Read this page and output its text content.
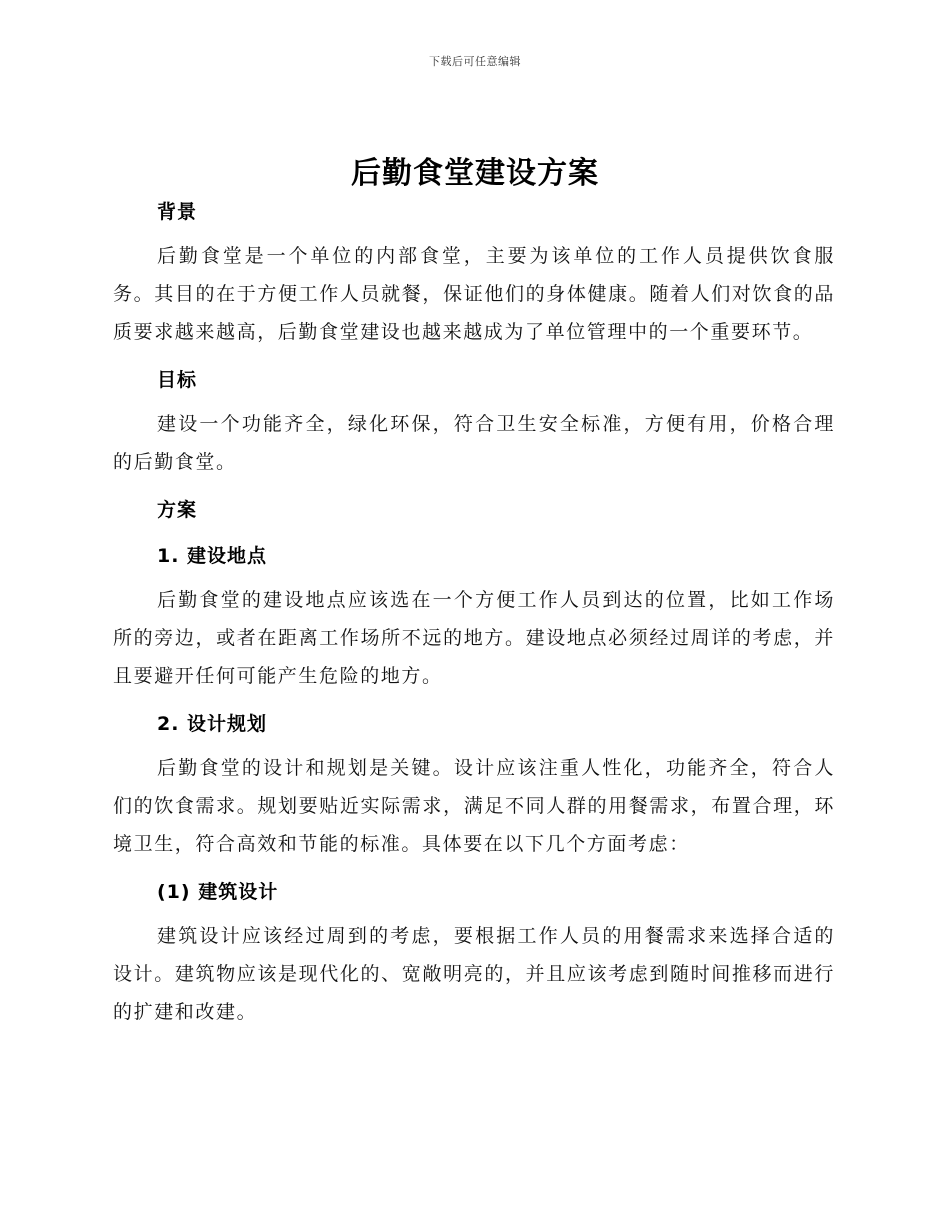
下载后可任意编辑
后勤食堂建设方案
背景

后勤食堂是一个单位的内部食堂，主要为该单位的工作人员提供饮食服务。其目的在于方便工作人员就餐，保证他们的身体健康。随着人们对饮食的品质要求越来越高，后勤食堂建设也越来越成为了单位管理中的一个重要环节。

目标

建设一个功能齐全，绿化环保，符合卫生安全标准，方便有用，价格合理的后勤食堂。

方案
1. 建设地点

后勤食堂的建设地点应该选在一个方便工作人员到达的位置，比如工作场所的旁边，或者在距离工作场所不远的地方。建设地点必须经过周详的考虑，并且要避开任何可能产生危险的地方。

2. 设计规划

后勤食堂的设计和规划是关键。设计应该注重人性化，功能齐全，符合人们的饮食需求。规划要贴近实际需求，满足不同人群的用餐需求，布置合理，环境卫生，符合高效和节能的标准。具体要在以下几个方面考虑：

(1) 建筑设计

建筑设计应该经过周到的考虑，要根据工作人员的用餐需求来选择合适的设计。建筑物应该是现代化的、宽敞明亮的，并且应该考虑到随时间推移而进行的扩建和改建。
